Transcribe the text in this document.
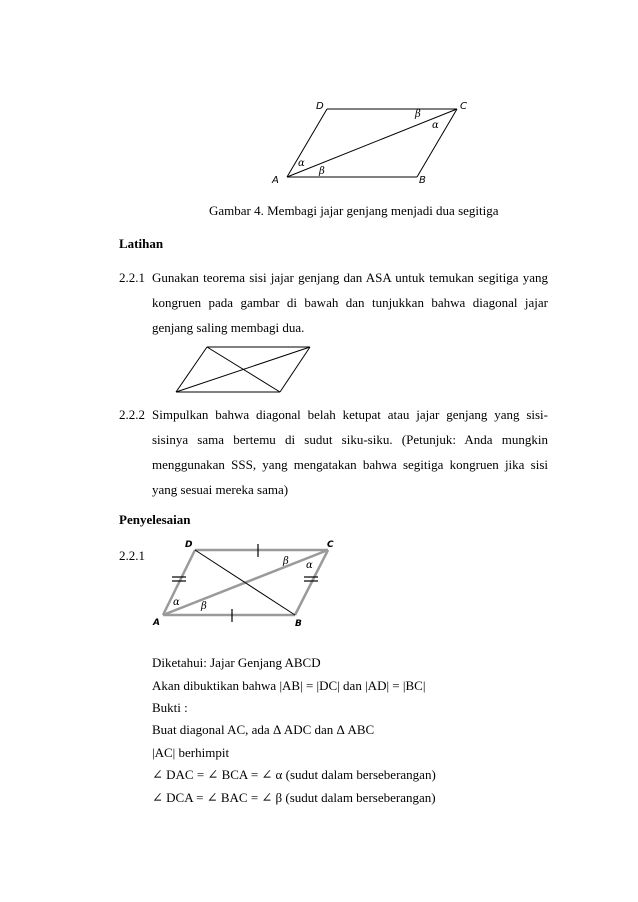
D	C
A	B
β
α
α
β
Gambar 4. Membagi jajar genjang menjadi dua segitiga
Latihan
2.2.1 Gunakan teorema sisi jajar genjang dan ASA untuk temukan segitiga yang
kongruen pada gambar di bawah dan tunjukkan bahwa diagonal jajar
genjang saling membagi dua.
2.2.2 Simpulkan bahwa diagonal belah ketupat atau jajar genjang yang sisi-
sisinya sama bertemu di sudut siku-siku. (Petunjuk: Anda mungkin
menggunakan SSS, yang mengatakan bahwa segitiga kongruen jika sisi
yang sesuai mereka sama)
Penyelesaian
2.2.1
D	C
A	B
β α
α β
Diketahui: Jajar Genjang ABCD
Akan dibuktikan bahwa |AB| = |DC| dan |AD| = |BC|
Bukti :
Buat diagonal AC, ada Δ ADC dan Δ ABC
|AC| berhimpit
∠ DAC = ∠ BCA = ∠ α (sudut dalam berseberangan)
∠ DCA = ∠ BAC = ∠ β (sudut dalam berseberangan)
